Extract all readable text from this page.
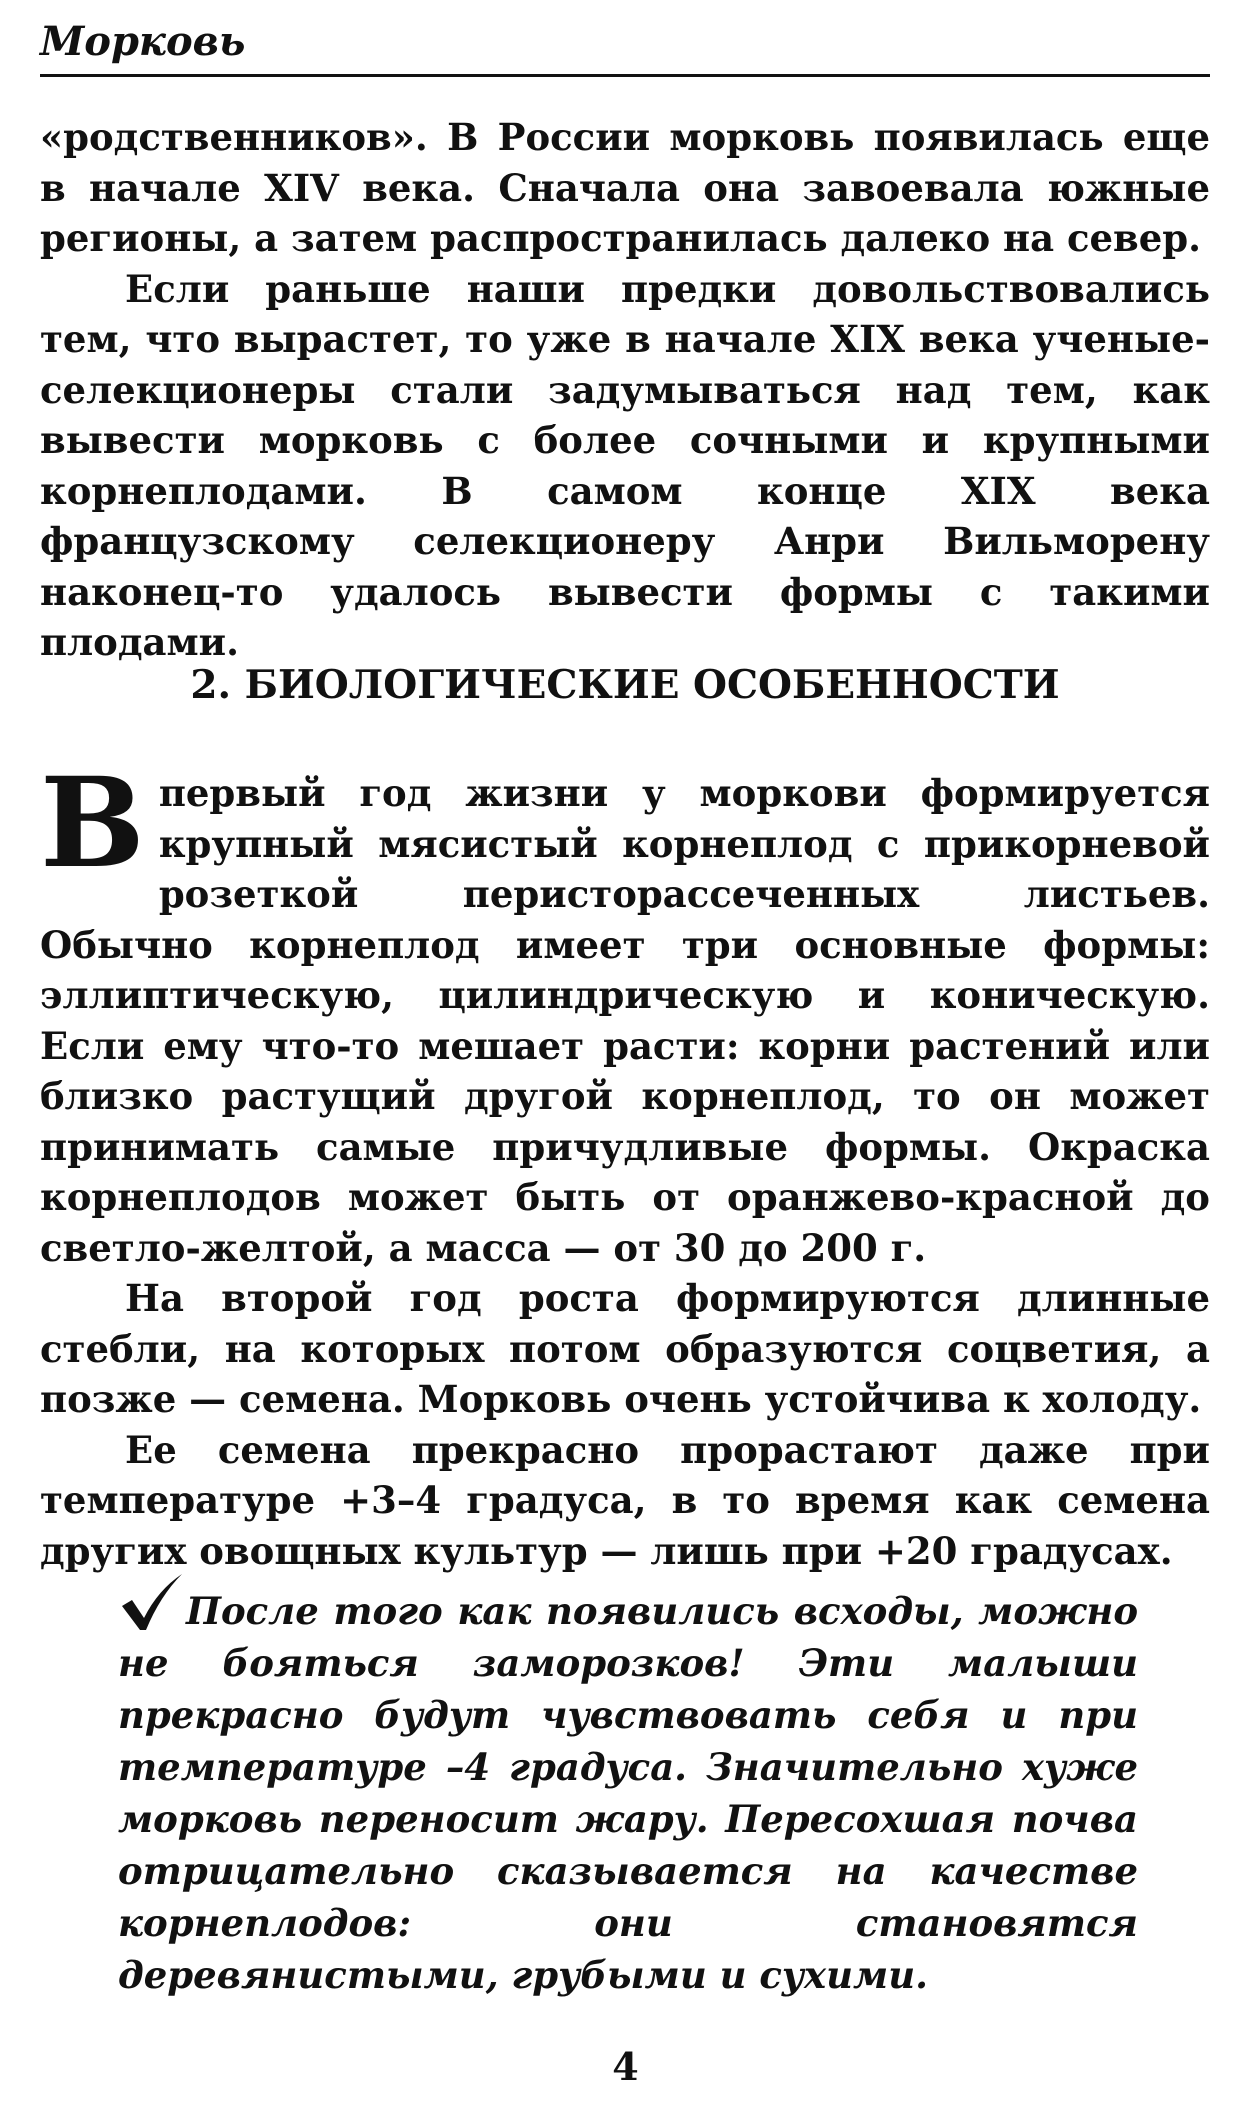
Морковь

«родственников». В России морковь появилась еще в начале XIV века. Сначала она завоевала южные регионы, а затем распространилась далеко на север.

Если раньше наши предки довольствовались тем, что вырастет, то уже в начале XIX века ученые-селекционеры стали задумываться над тем, как вывести морковь с более сочными и крупными корнеплодами. В самом конце XIX века французскому селекционеру Анри Вильморену наконец-то удалось вывести формы с такими плодами.

2. БИОЛОГИЧЕСКИЕ ОСОБЕННОСТИ

В первый год жизни у моркови формируется крупный мясистый корнеплод с прикорневой розеткой перисторассеченных листьев. Обычно корнеплод имеет три основные формы: эллиптическую, цилиндрическую и коническую. Если ему что-то мешает расти: корни растений или близко растущий другой корнеплод, то он может принимать самые причудливые формы. Окраска корнеплодов может быть от оранжево-красной до светло-желтой, а масса — от 30 до 200 г.

На второй год роста формируются длинные стебли, на которых потом образуются соцветия, а позже — семена. Морковь очень устойчива к холоду.

Ее семена прекрасно прорастают даже при температуре +3–4 градуса, в то время как семена других овощных культур — лишь при +20 градусах.

После того как появились всходы, можно не бояться заморозков! Эти малыши прекрасно будут чувствовать себя и при температуре –4 градуса. Значительно хуже морковь переносит жару. Пересохшая почва отрицательно сказывается на качестве корнеплодов: они становятся деревянистыми, грубыми и сухими.

4
